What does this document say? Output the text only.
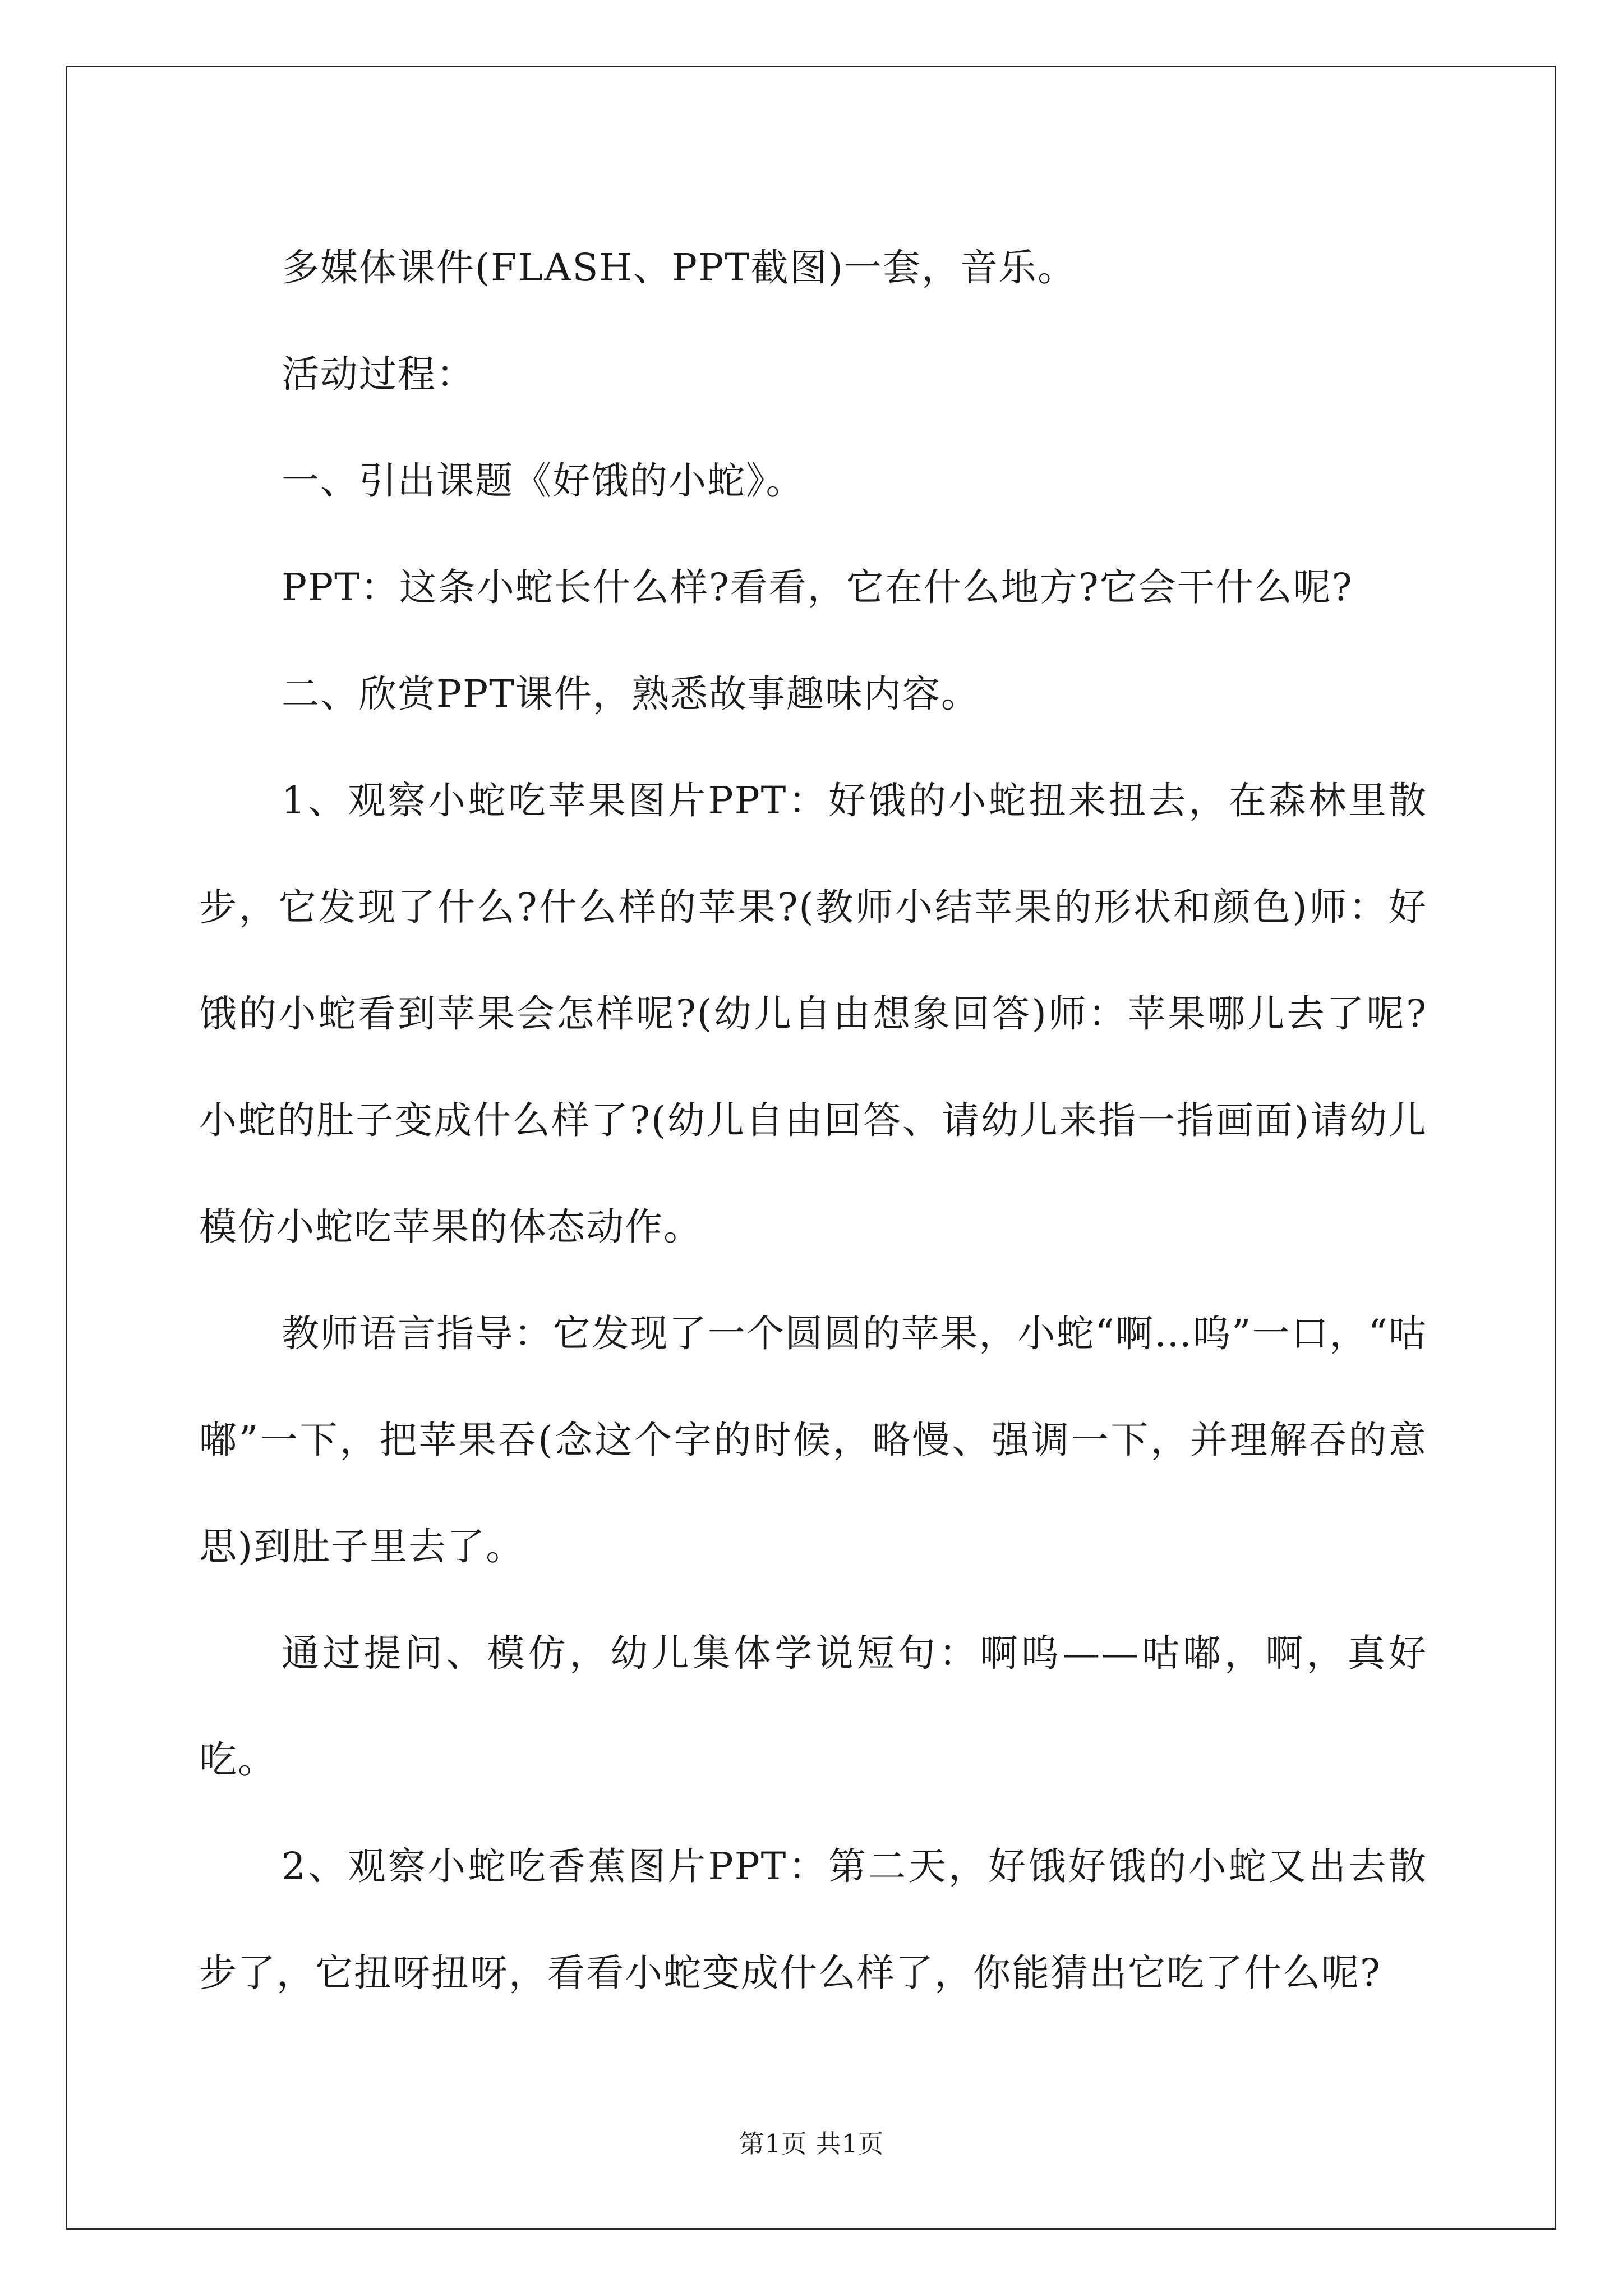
多媒体课件(FLASH、PPT截图)一套，音乐。

活动过程：

一、引出课题《好饿的小蛇》。

PPT：这条小蛇长什么样?看看，它在什么地方?它会干什么呢?

二、欣赏PPT课件，熟悉故事趣味内容。

1、观察小蛇吃苹果图片PPT：好饿的小蛇扭来扭去，在森林里散步，它发现了什么?什么样的苹果?(教师小结苹果的形状和颜色)师：好饿的小蛇看到苹果会怎样呢?(幼儿自由想象回答)师：苹果哪儿去了呢?小蛇的肚子变成什么样了?(幼儿自由回答、请幼儿来指一指画面)请幼儿模仿小蛇吃苹果的体态动作。

教师语言指导：它发现了一个圆圆的苹果，小蛇“啊…呜”一口，“咕嘟”一下，把苹果吞(念这个字的时候，略慢、强调一下，并理解吞的意思)到肚子里去了。

通过提问、模仿，幼儿集体学说短句：啊呜——咕嘟，啊，真好吃。

2、观察小蛇吃香蕉图片PPT：第二天，好饿好饿的小蛇又出去散步了，它扭呀扭呀，看看小蛇变成什么样了，你能猜出它吃了什么呢?

第1页 共1页
